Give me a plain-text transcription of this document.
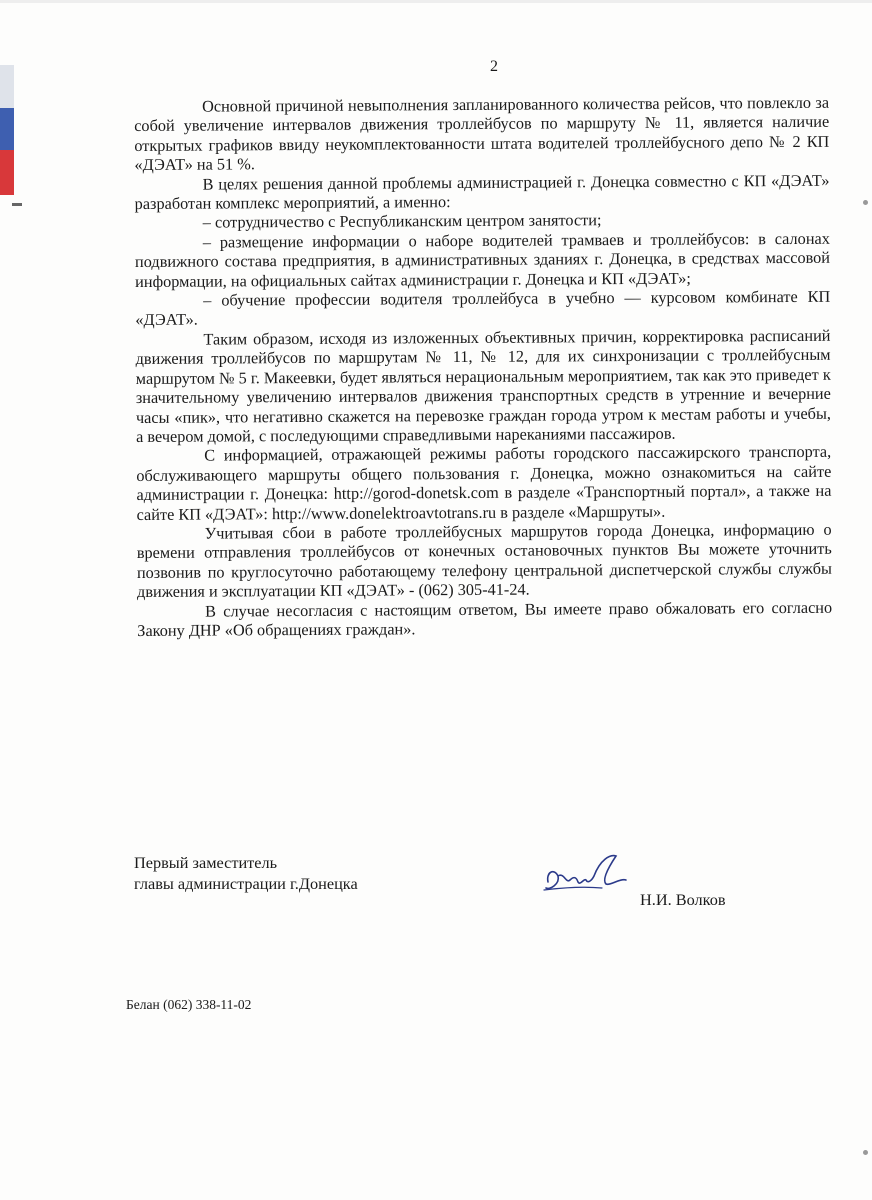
2

Основной причиной невыполнения запланированного количества рейсов, что повлекло за собой увеличение интервалов движения троллейбусов по маршруту № 11, является наличие открытых графиков ввиду неукомплектованности штата водителей троллейбусного депо № 2 КП «ДЭАТ» на 51 %.

В целях решения данной проблемы администрацией г. Донецка совместно с КП «ДЭАТ» разработан комплекс мероприятий, а именно:

– сотрудничество с Республиканским центром занятости;

– размещение информации о наборе водителей трамваев и троллейбусов: в салонах подвижного состава предприятия, в административных зданиях г. Донецка, в средствах массовой информации, на официальных сайтах администрации г. Донецка и КП «ДЭАТ»;

– обучение профессии водителя троллейбуса в учебно — курсовом комбинате КП «ДЭАТ».

Таким образом, исходя из изложенных объективных причин, корректировка расписаний движения троллейбусов по маршрутам № 11, № 12, для их синхронизации с троллейбусным маршрутом № 5 г. Макеевки, будет являться нерациональным мероприятием, так как это приведет к значительному увеличению интервалов движения транспортных средств в утренние и вечерние часы «пик», что негативно скажется на перевозке граждан города утром к местам работы и учебы, а вечером домой, с последующими справедливыми нареканиями пассажиров.

С информацией, отражающей режимы работы городского пассажирского транспорта, обслуживающего маршруты общего пользования г. Донецка, можно ознакомиться на сайте администрации г. Донецка: http://gorod-donetsk.com в разделе «Транспортный портал», а также на сайте КП «ДЭАТ»: http://www.donelektroavtotrans.ru в разделе «Маршруты».

Учитывая сбои в работе троллейбусных маршрутов города Донецка, информацию о времени отправления троллейбусов от конечных остановочных пунктов Вы можете уточнить позвонив по круглосуточно работающему телефону центральной диспетчерской службы службы движения и эксплуатации КП «ДЭАТ» - (062) 305-41-24.

В случае несогласия с настоящим ответом, Вы имеете право обжаловать его согласно Закону ДНР «Об обращениях граждан».

Первый заместитель
главы администрации г.Донецка
Н.И. Волков
Белан (062) 338-11-02
